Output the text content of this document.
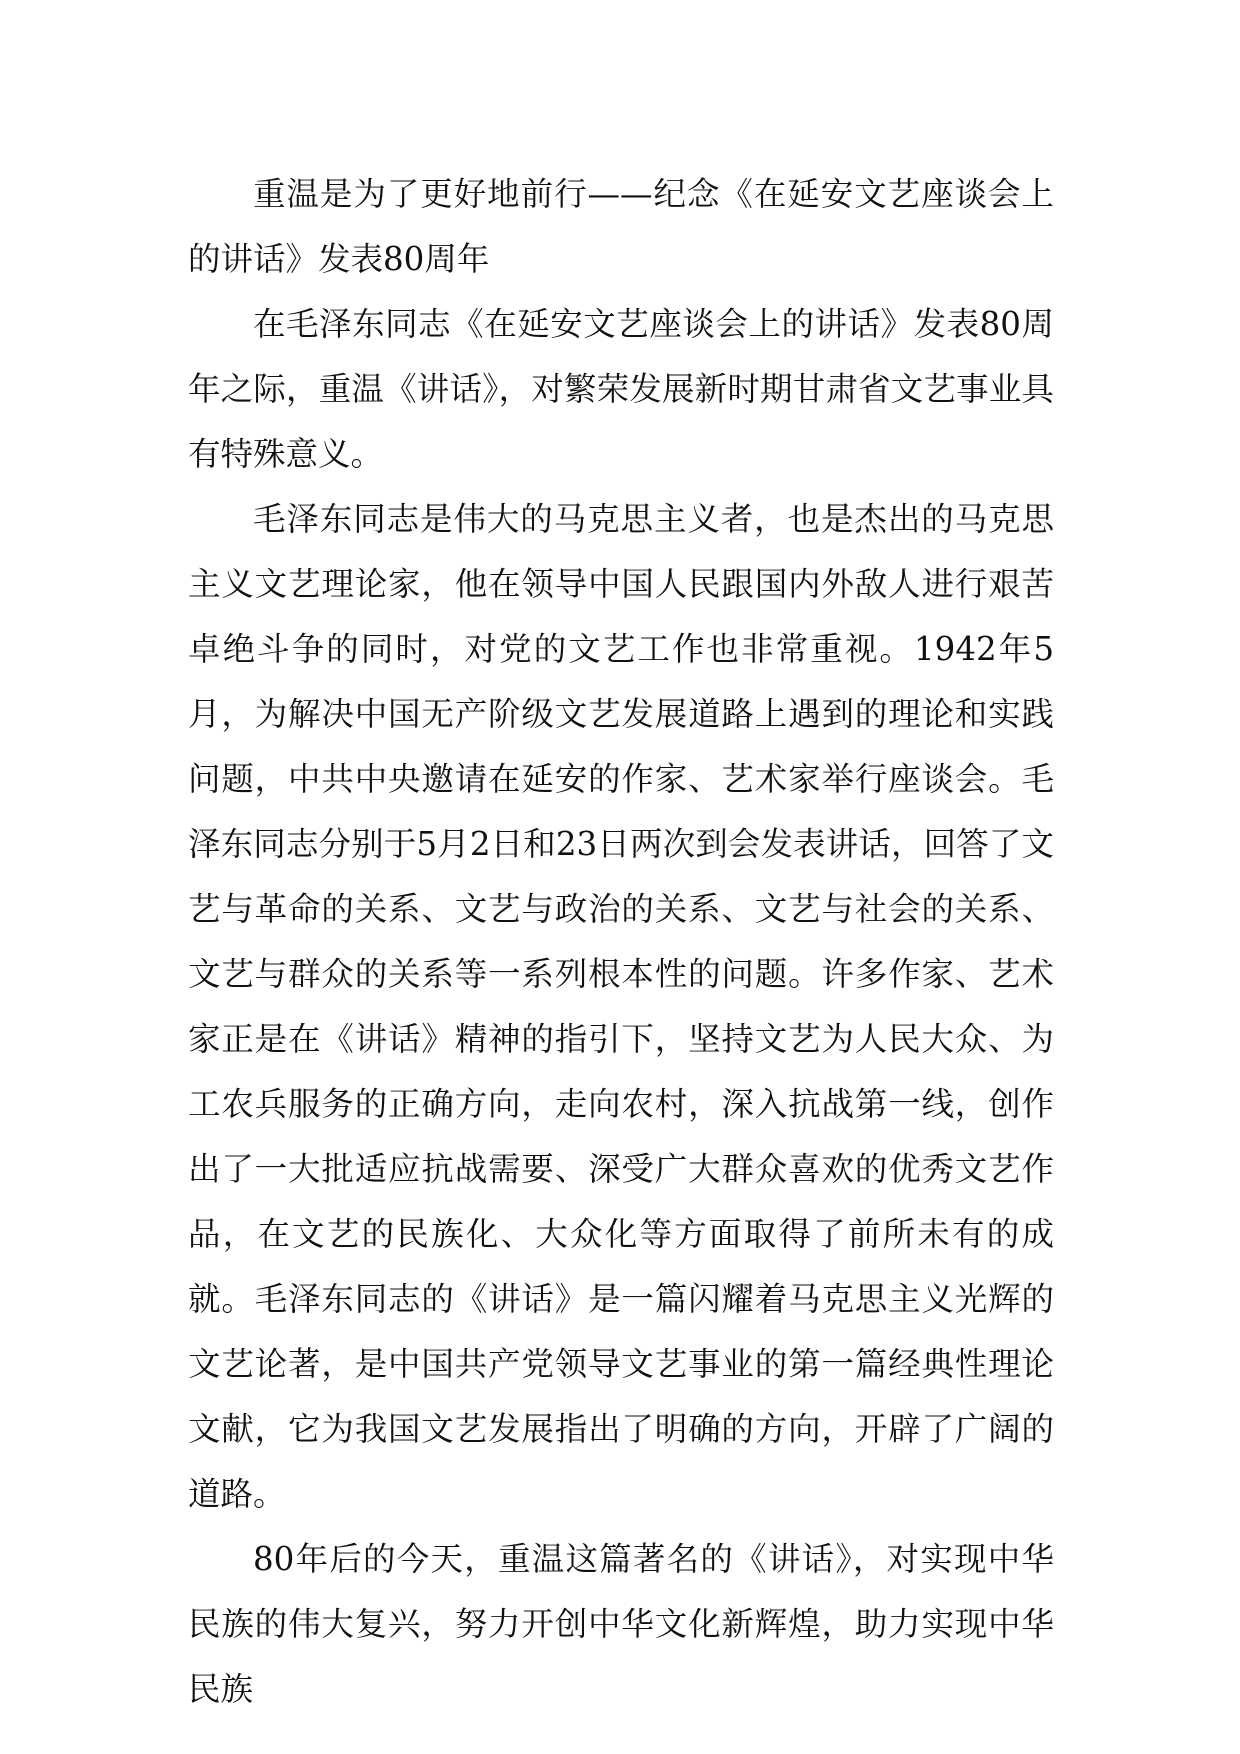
重温是为了更好地前行——纪念《在延安文艺座谈会上的讲话》发表80周年

在毛泽东同志《在延安文艺座谈会上的讲话》发表80周年之际，重温《讲话》，对繁荣发展新时期甘肃省文艺事业具有特殊意义。

毛泽东同志是伟大的马克思主义者，也是杰出的马克思主义文艺理论家，他在领导中国人民跟国内外敌人进行艰苦卓绝斗争的同时，对党的文艺工作也非常重视。1942年5月，为解决中国无产阶级文艺发展道路上遇到的理论和实践问题，中共中央邀请在延安的作家、艺术家举行座谈会。毛泽东同志分别于5月2日和23日两次到会发表讲话，回答了文艺与革命的关系、文艺与政治的关系、文艺与社会的关系、文艺与群众的关系等一系列根本性的问题。许多作家、艺术家正是在《讲话》精神的指引下，坚持文艺为人民大众、为工农兵服务的正确方向，走向农村，深入抗战第一线，创作出了一大批适应抗战需要、深受广大群众喜欢的优秀文艺作品，在文艺的民族化、大众化等方面取得了前所未有的成就。毛泽东同志的《讲话》是一篇闪耀着马克思主义光辉的文艺论著，是中国共产党领导文艺事业的第一篇经典性理论文献，它为我国文艺发展指出了明确的方向，开辟了广阔的道路。

80年后的今天，重温这篇著名的《讲话》，对实现中华民族的伟大复兴，努力开创中华文化新辉煌，助力实现中华民族
